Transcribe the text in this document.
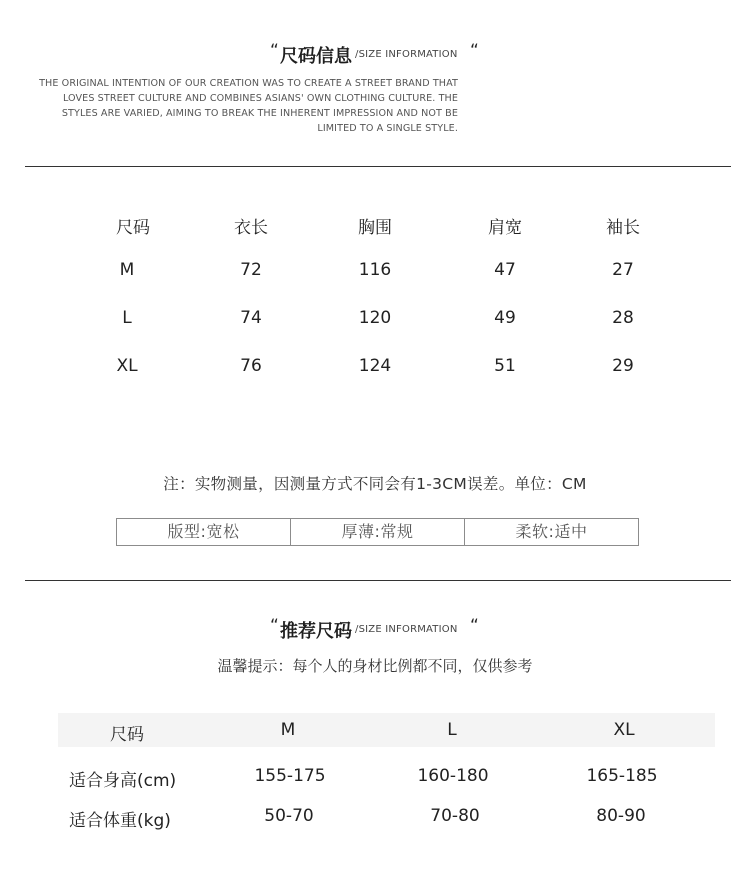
“ 尺码信息 /SIZE INFORMATION “
THE ORIGINAL INTENTION OF OUR CREATION WAS TO CREATE A STREET BRAND THAT
LOVES STREET CULTURE AND COMBINES ASIANS' OWN CLOTHING CULTURE. THE
STYLES ARE VARIED, AIMING TO BREAK THE INHERENT IMPRESSION AND NOT BE
LIMITED TO A SINGLE STYLE.
尺码	衣长	胸围	肩宽	袖长
M	72	116	47	27
L	74	120	49	28
XL	76	124	51	29
注：实物测量，因测量方式不同会有1-3CM误差。单位：CM
版型:宽松	厚薄:常规	柔软:适中
“ 推荐尺码 /SIZE INFORMATION “
温馨提示：每个人的身材比例都不同，仅供参考
尺码	M	L	XL
适合身高(cm)	155-175	160-180	165-185
适合体重(kg)	50-70	70-80	80-90
